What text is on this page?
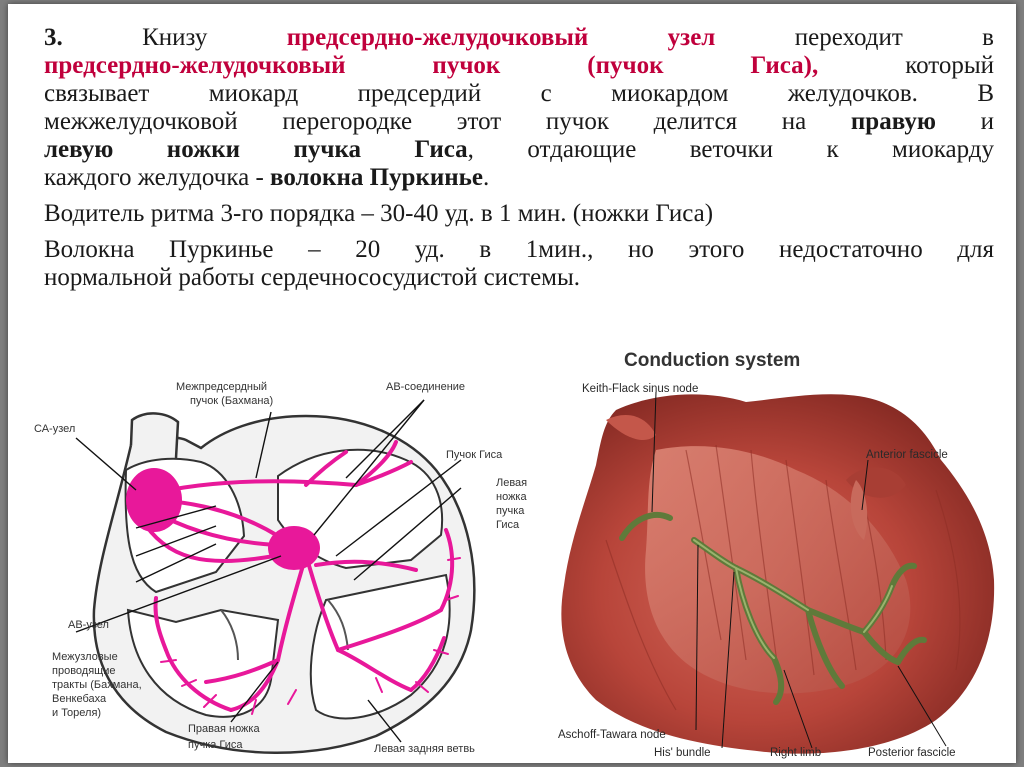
3.	Книзу	предсердно-желудочковый узел	переходит в

предсердно-желудочковый пучок (пучок Гиса),	который

связывает миокард предсердий с миокардом желудочков. В

межжелудочковой перегородке этот пучок делится на правую и

левую ножки пучка Гиса, отдающие веточки к миокарду

каждого желудочка - волокна Пуркинье.

Водитель ритма 3-го порядка – 30-40 уд. в 1 мин. (ножки Гиса)

Волокна Пуркинье – 20 уд. в 1мин., но этого недостаточно для

нормальной работы сердечнососудистой системы.

СА-узел
Межпредсердный
пучок (Бахмана)
АВ-соединение
Пучок Гиса
Левая
ножка
пучка
Гиса
АВ-узел
Межузловые
проводящие
тракты (Бахмана,
Венкебаха
и Тореля)
Правая ножка
пучка Гиса	Левая задняя ветвь
Conduction system
Keith-Flack sinus node
Anterior fascicle
Aschoff-Tawara node
His' bundle	Right limb	Posterior fascicle
